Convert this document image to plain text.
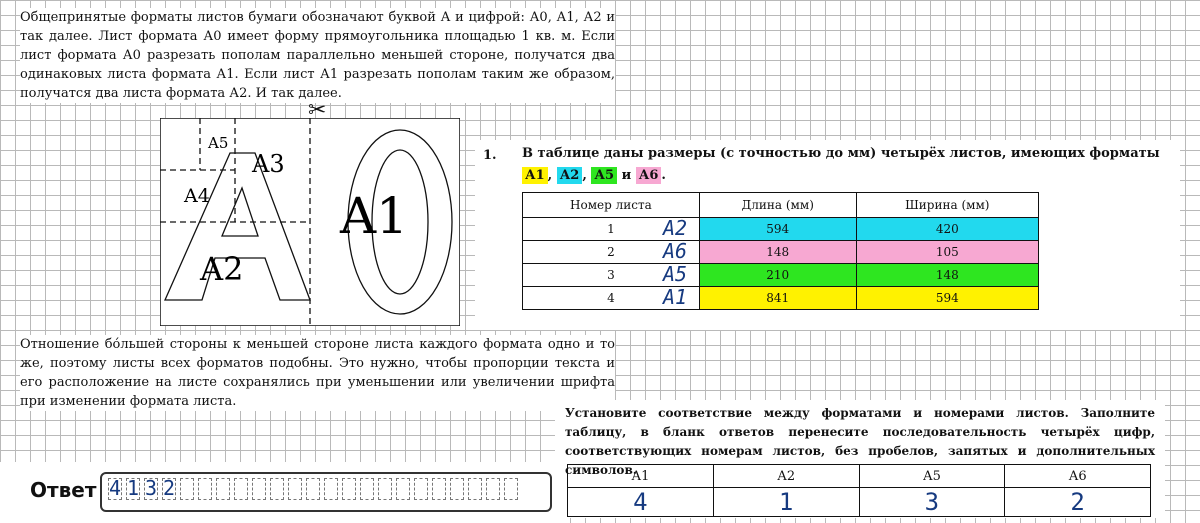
Общепринятые форматы листов бумаги обозначают буквой А и цифрой: А0, А1, А2 и так далее. Лист формата А0 имеет форму прямоугольника площадью 1 кв. м. Если лист формата А0 разрезать пополам параллельно меньшей стороне, получатся два одинаковых листа формата А1. Если лист А1 разрезать пополам таким же образом, получатся два листа формата А2. И так далее.
A5
A3
A4
A2
A1
✂
1. В таблице даны размеры (с точностью до мм) четырёх листов, имеющих форматы А1 , А2 , А5 и А6 .
Номер листа	Длина (мм)	Ширина (мм)
1 A2	594	420
2 A6	148	105
3 A5	210	148
4 A1	841	594
Отношение бо́льшей стороны к меньшей стороне листа каждого формата одно и то же, поэтому листы всех форматов подобны. Это нужно, чтобы пропорции текста и его расположение на листе сохранялись при уменьшении или увеличении шрифта при изменении формата листа.
Установите соответствие между форматами и номерами листов. Заполните таблицу, в бланк ответов перенесите последовательность четырёх цифр, соответствующих номерам листов, без пробелов, запятых и дополнительных символов.
А1	А2	А5	А6
4	1	3	2
Ответ 4 1 3 2
